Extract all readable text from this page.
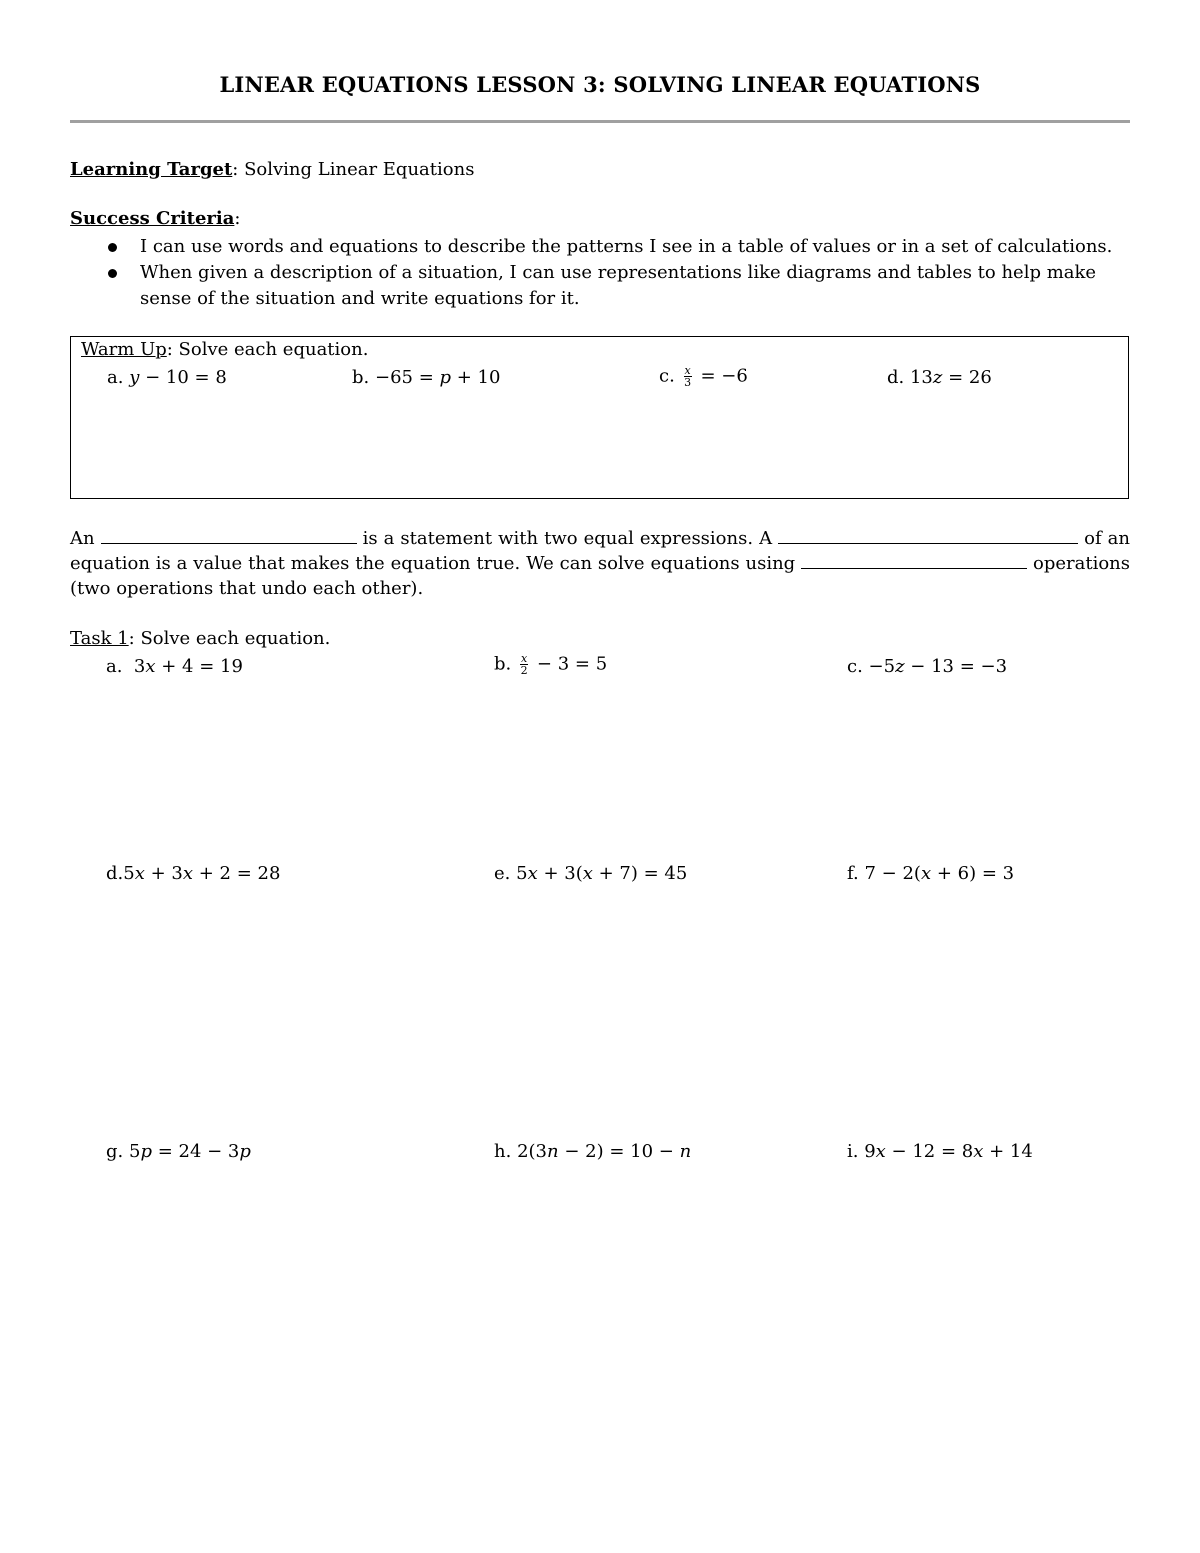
LINEAR EQUATIONS LESSON 3: SOLVING LINEAR EQUATIONS
Learning Target: Solving Linear Equations
Success Criteria:
I can use words and equations to describe the patterns I see in a table of values or in a set of calculations.
When given a description of a situation, I can use representations like diagrams and tables to help make sense of the situation and write equations for it.
Warm Up: Solve each equation.
a. y − 10 = 8	b. −65 = p + 10	c. $\frac{x}{3} = -6$	d. 13z = 26
An	is a statement with two equal expressions. A	of an equation is a value that makes the equation true. We can solve equations using	operations (two operations that undo each other).
Task 1: Solve each equation.
a. 3x + 4 = 19	b. $\frac{x}{2} - 3 = 5$	c. −5z − 13 = −3
d.5x + 3x + 2 = 28	e. 5x + 3(x + 7) = 45	f. 7 − 2(x + 6) = 3
g. 5p = 24 − 3p	h. 2(3n − 2) = 10 − n	i. 9x − 12 = 8x + 14
